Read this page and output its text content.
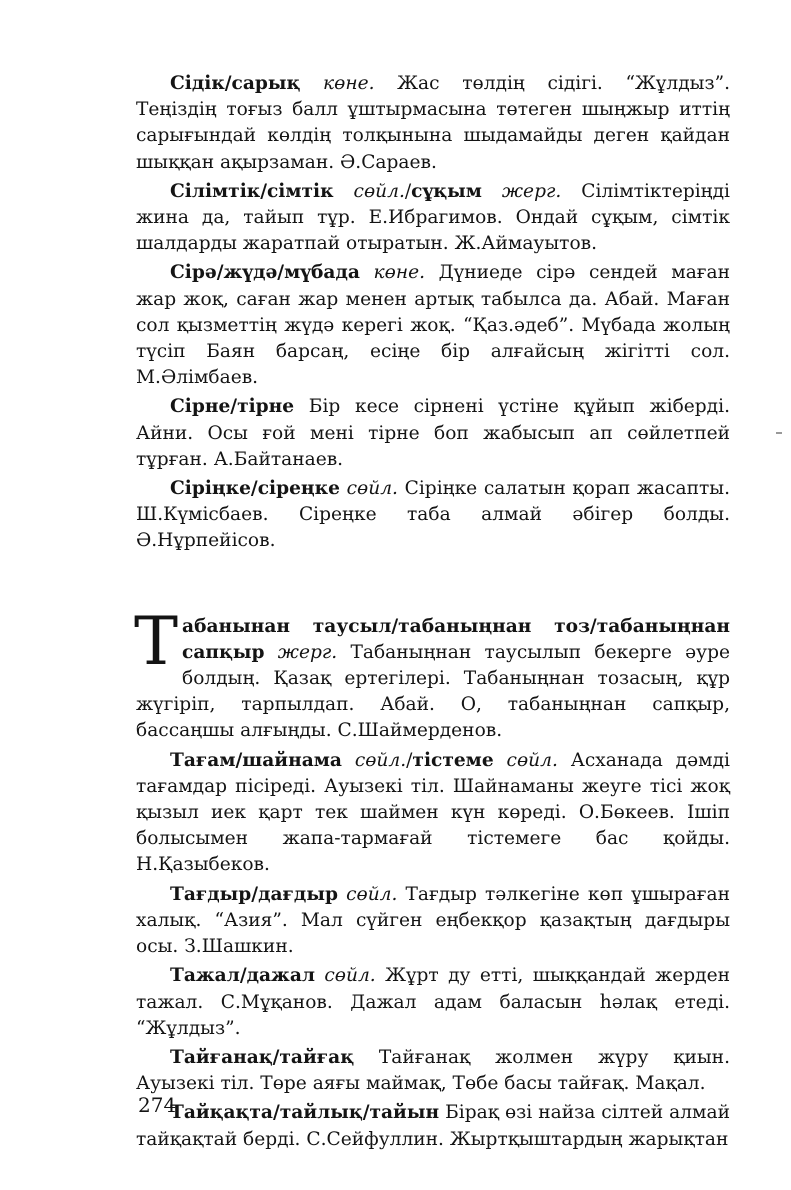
Сідік/сарық көне. Жас төлдің сідігі. “Жұлдыз”. Теңіздің тоғыз балл ұштырмасына төтеген шыңжыр иттің сарығындай көлдің толқынына шыдамайды деген қайдан шыққан ақырзаман. Ә.Сараев.

Сілімтік/сімтік сөйл./сұқым жерг. Сілімтіктеріңді жина да, тайып тұр. Е.Ибрагимов. Ондай сұқым, сімтік шалдарды жаратпай отыратын. Ж.Аймауытов.

Сірә/жүдә/мүбада көне. Дүниеде сірә сендей маған жар жоқ, саған жар менен артық табылса да. Абай. Маған сол қызметтің жүдә керегі жоқ. “Қаз.әдеб”. Мүбада жолың түсіп Баян барсаң, есіңе бір алғайсың жігітті сол. М.Әлімбаев.

Сірне/тірне Бір кесе сірнені үстіне құйып жіберді. Айни. Осы ғой мені тірне боп жабысып ап сөйлетпей тұрған. А.Байтанаев.

Сіріңке/сіреңке сөйл. Сіріңке салатын қорап жасапты. Ш.Күмісбаев. Сіреңке таба алмай әбігер болды. Ә.Нұрпейісов.

Табанынан таусыл/табаныңнан тоз/табаныңнан сапқыр жерг. Табаныңнан таусылып бекерге әуре болдың. Қазақ ертегілері. Табаныңнан тозасың, құр жүгіріп, тарпылдап. Абай. О, табаныңнан сапқыр, бассаңшы алғыңды. С.Шаймерденов.

Тағам/шайнама сөйл./тістеме сөйл. Асханада дәмді тағамдар пісіреді. Ауызекі тіл. Шайнаманы жеуге тісі жоқ қызыл иек қарт тек шаймен күн көреді. О.Бөкеев. Ішіп болысымен жапа-тармағай тістемеге бас қойды. Н.Қазыбеков.

Тағдыр/дағдыр сөйл. Тағдыр тәлкегіне көп ұшыраған халық. “Азия”. Мал сүйген еңбекқор қазақтың дағдыры осы. З.Шашкин.

Тажал/дажал сөйл. Жұрт ду етті, шыққандай жерден тажал. С.Мұқанов. Дажал адам баласын һәлақ етеді. “Жұлдыз”.

Тайғанақ/тайғақ Тайғанақ жолмен жүру қиын. Ауызекі тіл. Төре аяғы маймақ, Төбе басы тайғақ. Мақал.

Тайқақта/тайлық/тайын Бірақ өзі найза сілтей алмай тайқақтай берді. С.Сейфуллин. Жыртқыштардың жарықтан

274
